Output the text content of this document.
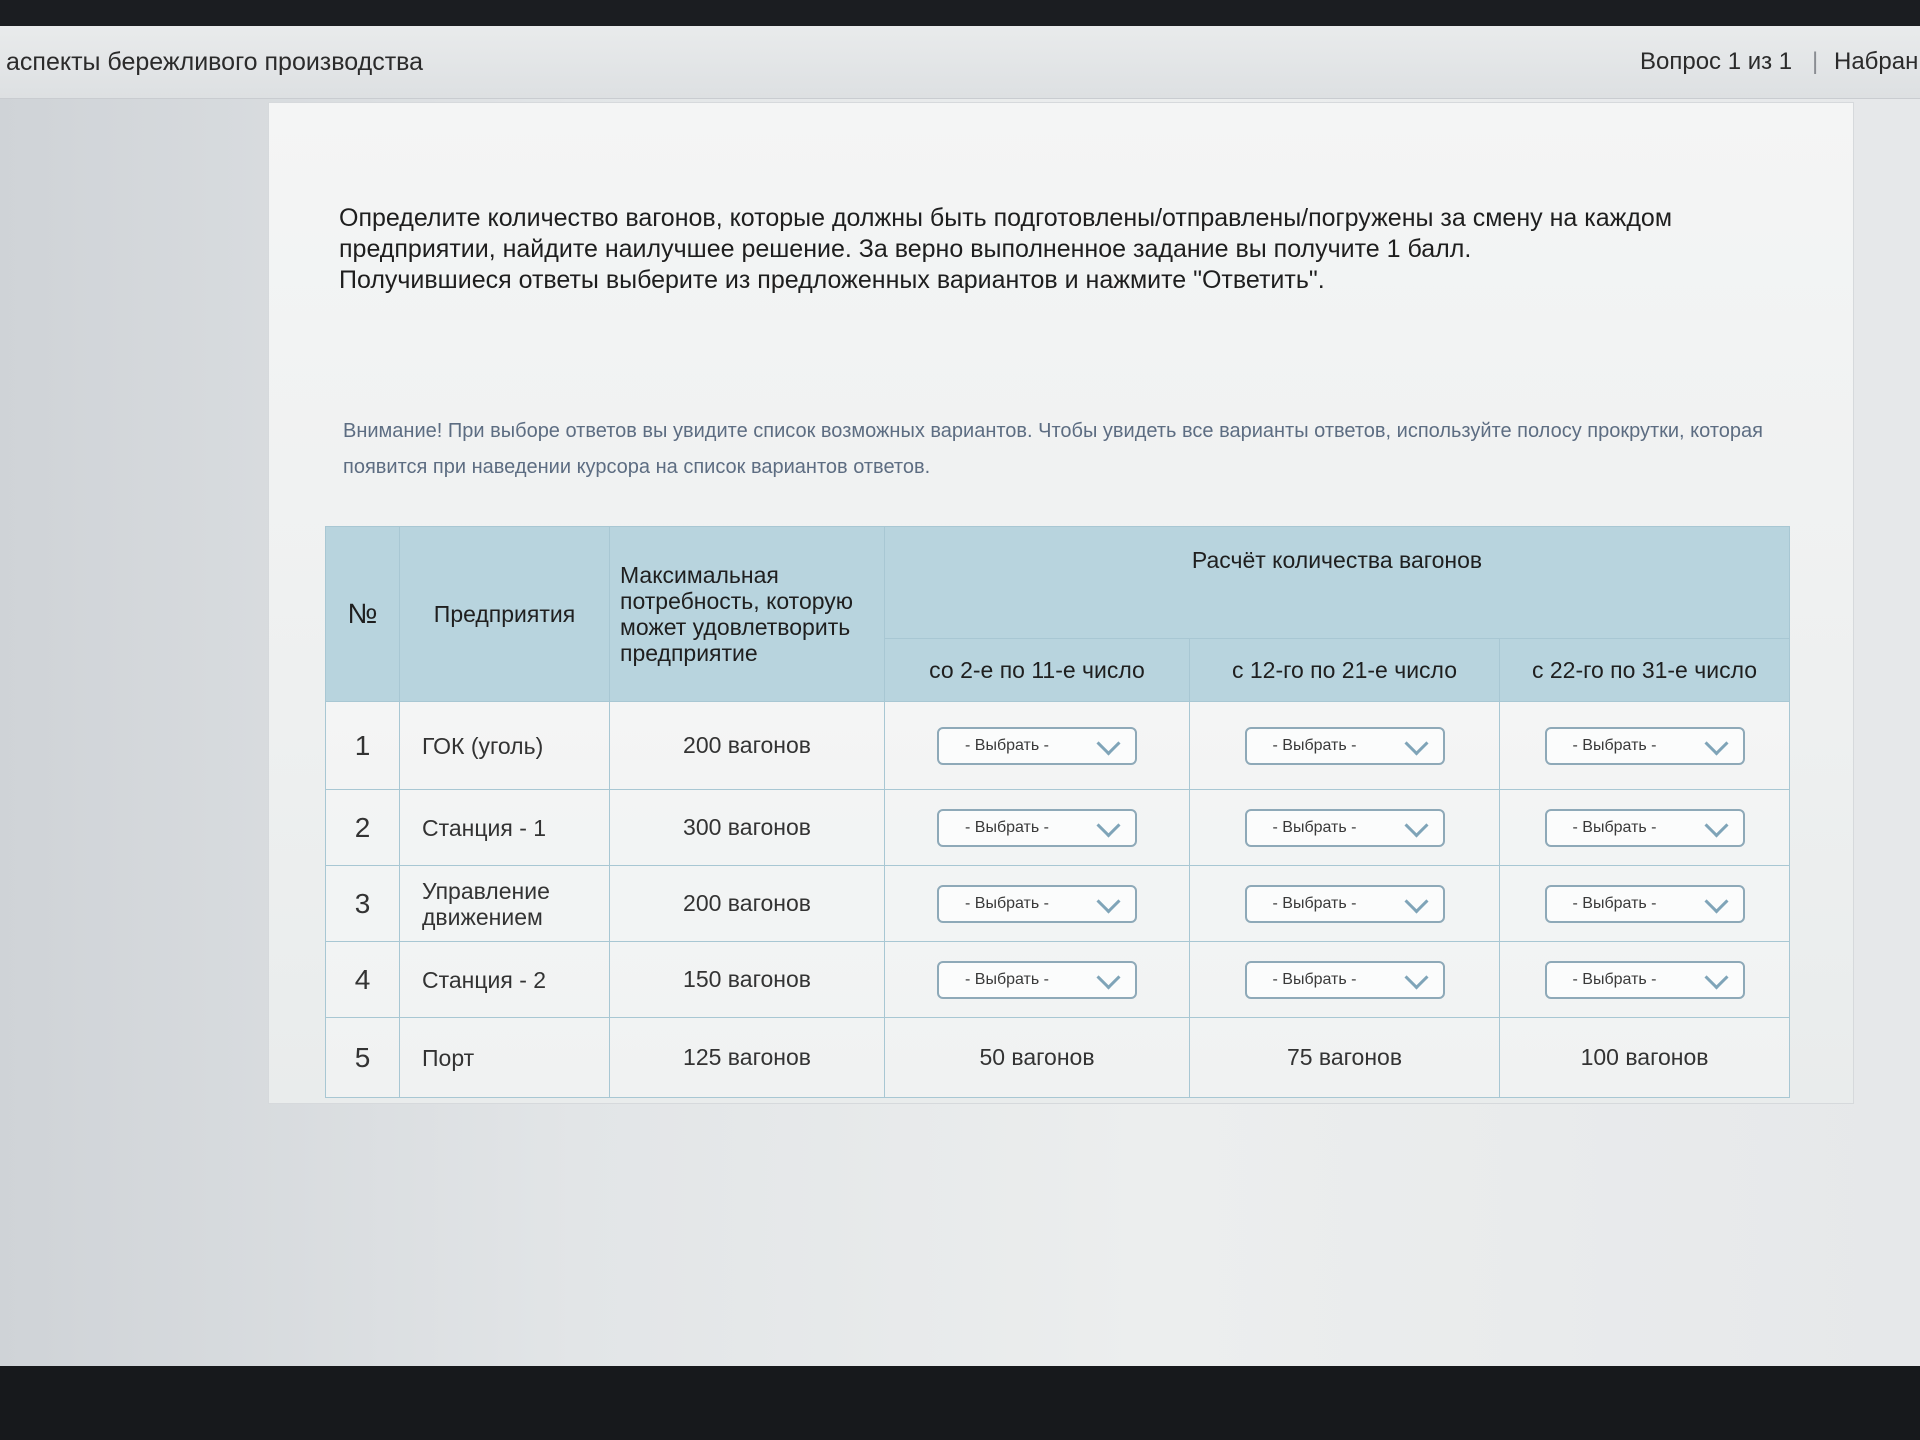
аспекты бережливого производства	Вопрос 1 из 1 | Набран

Определите количество вагонов, которые должны быть подготовлены/отправлены/погружены за смену на каждом

предприятии, найдите наилучшее решение. За верно выполненное задание вы получите 1 балл.

Получившиеся ответы выберите из предложенных вариантов и нажмите "Ответить".

Внимание! При выборе ответов вы увидите список возможных вариантов. Чтобы увидеть все варианты ответов, используйте полосу прокрутки, которая появится при наведении курсора на список вариантов ответов.
№	Предприятия	Максимальная потребность, которую может удовлетворить предприятие	Расчёт количества вагонов		
			со 2-е по 11-е число	с 12-го по 21-е число	с 22-го по 31-е число
1	ГОК (уголь)	200 вагонов	- Выбрать -	- Выбрать -	- Выбрать -

2	Станция - 1	300 вагонов	- Выбрать -	- Выбрать -	- Выбрать -

3	Управление движением	200 вагонов	- Выбрать -	- Выбрать -	- Выбрать -

4	Станция - 2	150 вагонов	- Выбрать -	- Выбрать -	- Выбрать -

5	Порт	125 вагонов	50 вагонов	75 вагонов	100 вагонов
